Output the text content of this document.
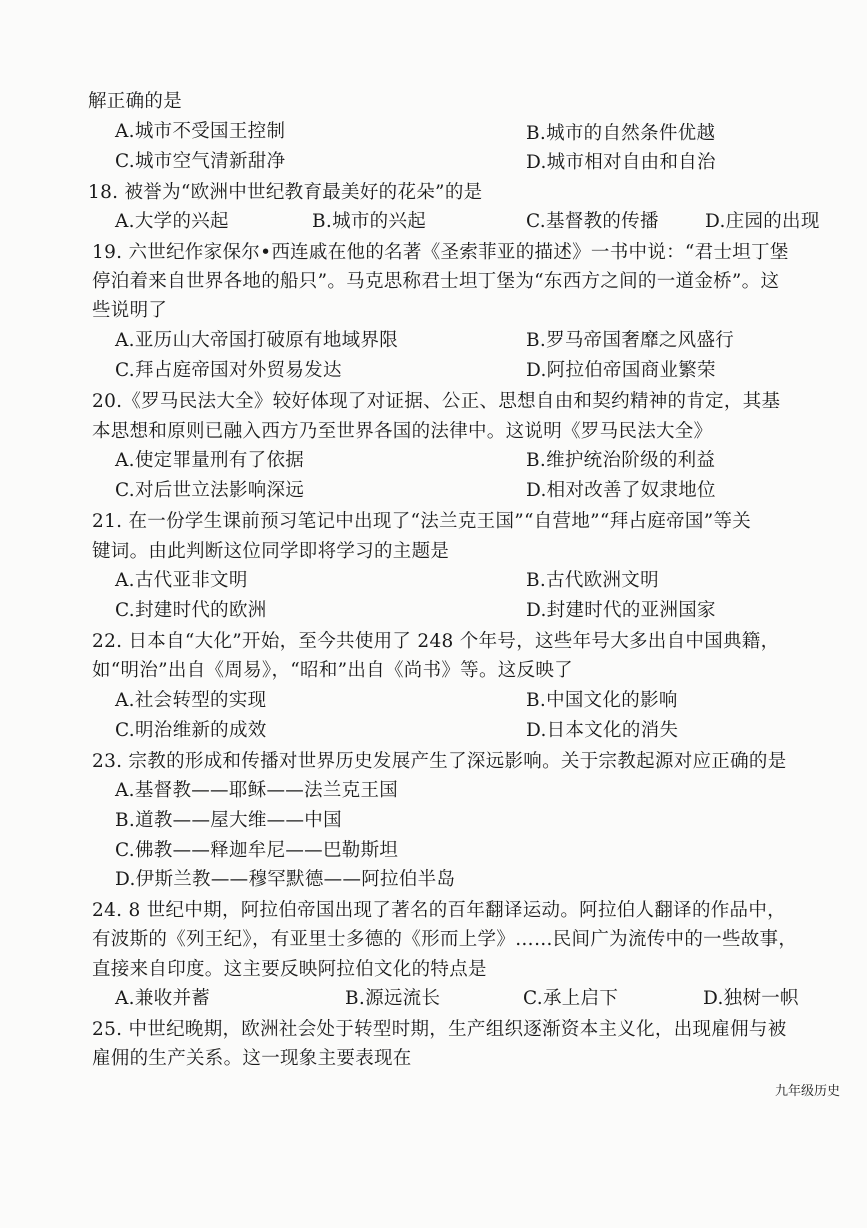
解正确的是
A.城市不受国王控制	B.城市的自然条件优越
C.城市空气清新甜净	D.城市相对自由和自治
18. 被誉为“欧洲中世纪教育最美好的花朵”的是
A.大学的兴起	B.城市的兴起	C.基督教的传播 D.庄园的出现
19. 六世纪作家保尔•西连戚在他的名著《圣索菲亚的描述》一书中说：“君士坦丁堡
停泊着来自世界各地的船只”。马克思称君士坦丁堡为“东西方之间的一道金桥”。这
些说明了
A.亚历山大帝国打破原有地域界限	B.罗马帝国奢靡之风盛行
C.拜占庭帝国对外贸易发达	D.阿拉伯帝国商业繁荣
20.《罗马民法大全》较好体现了对证据、公正、思想自由和契约精神的肯定，其基
本思想和原则已融入西方乃至世界各国的法律中。这说明《罗马民法大全》
A.使定罪量刑有了依据	B.维护统治阶级的利益
C.对后世立法影响深远	D.相对改善了奴隶地位
21. 在一份学生课前预习笔记中出现了“法兰克王国”“自营地”“拜占庭帝国”等关
键词。由此判断这位同学即将学习的主题是
A.古代亚非文明	B.古代欧洲文明
C.封建时代的欧洲	D.封建时代的亚洲国家
22. 日本自“大化”开始，至今共使用了 248 个年号，这些年号大多出自中国典籍，
如“明治”出自《周易》，“昭和”出自《尚书》等。这反映了
A.社会转型的实现	B.中国文化的影响
C.明治维新的成效	D.日本文化的消失
23. 宗教的形成和传播对世界历史发展产生了深远影响。关于宗教起源对应正确的是
A.基督教——耶稣——法兰克王国
B.道教——屋大维——中国
C.佛教——释迦牟尼——巴勒斯坦
D.伊斯兰教——穆罕默德——阿拉伯半岛
24. 8 世纪中期，阿拉伯帝国出现了著名的百年翻译运动。阿拉伯人翻译的作品中，
有波斯的《列王纪》，有亚里士多德的《形而上学》……民间广为流传中的一些故事，
直接来自印度。这主要反映阿拉伯文化的特点是
A.兼收并蓄	B.源远流长	C.承上启下	D.独树一帜
25. 中世纪晚期，欧洲社会处于转型时期，生产组织逐渐资本主义化，出现雇佣与被
雇佣的生产关系。这一现象主要表现在
九年级历史
